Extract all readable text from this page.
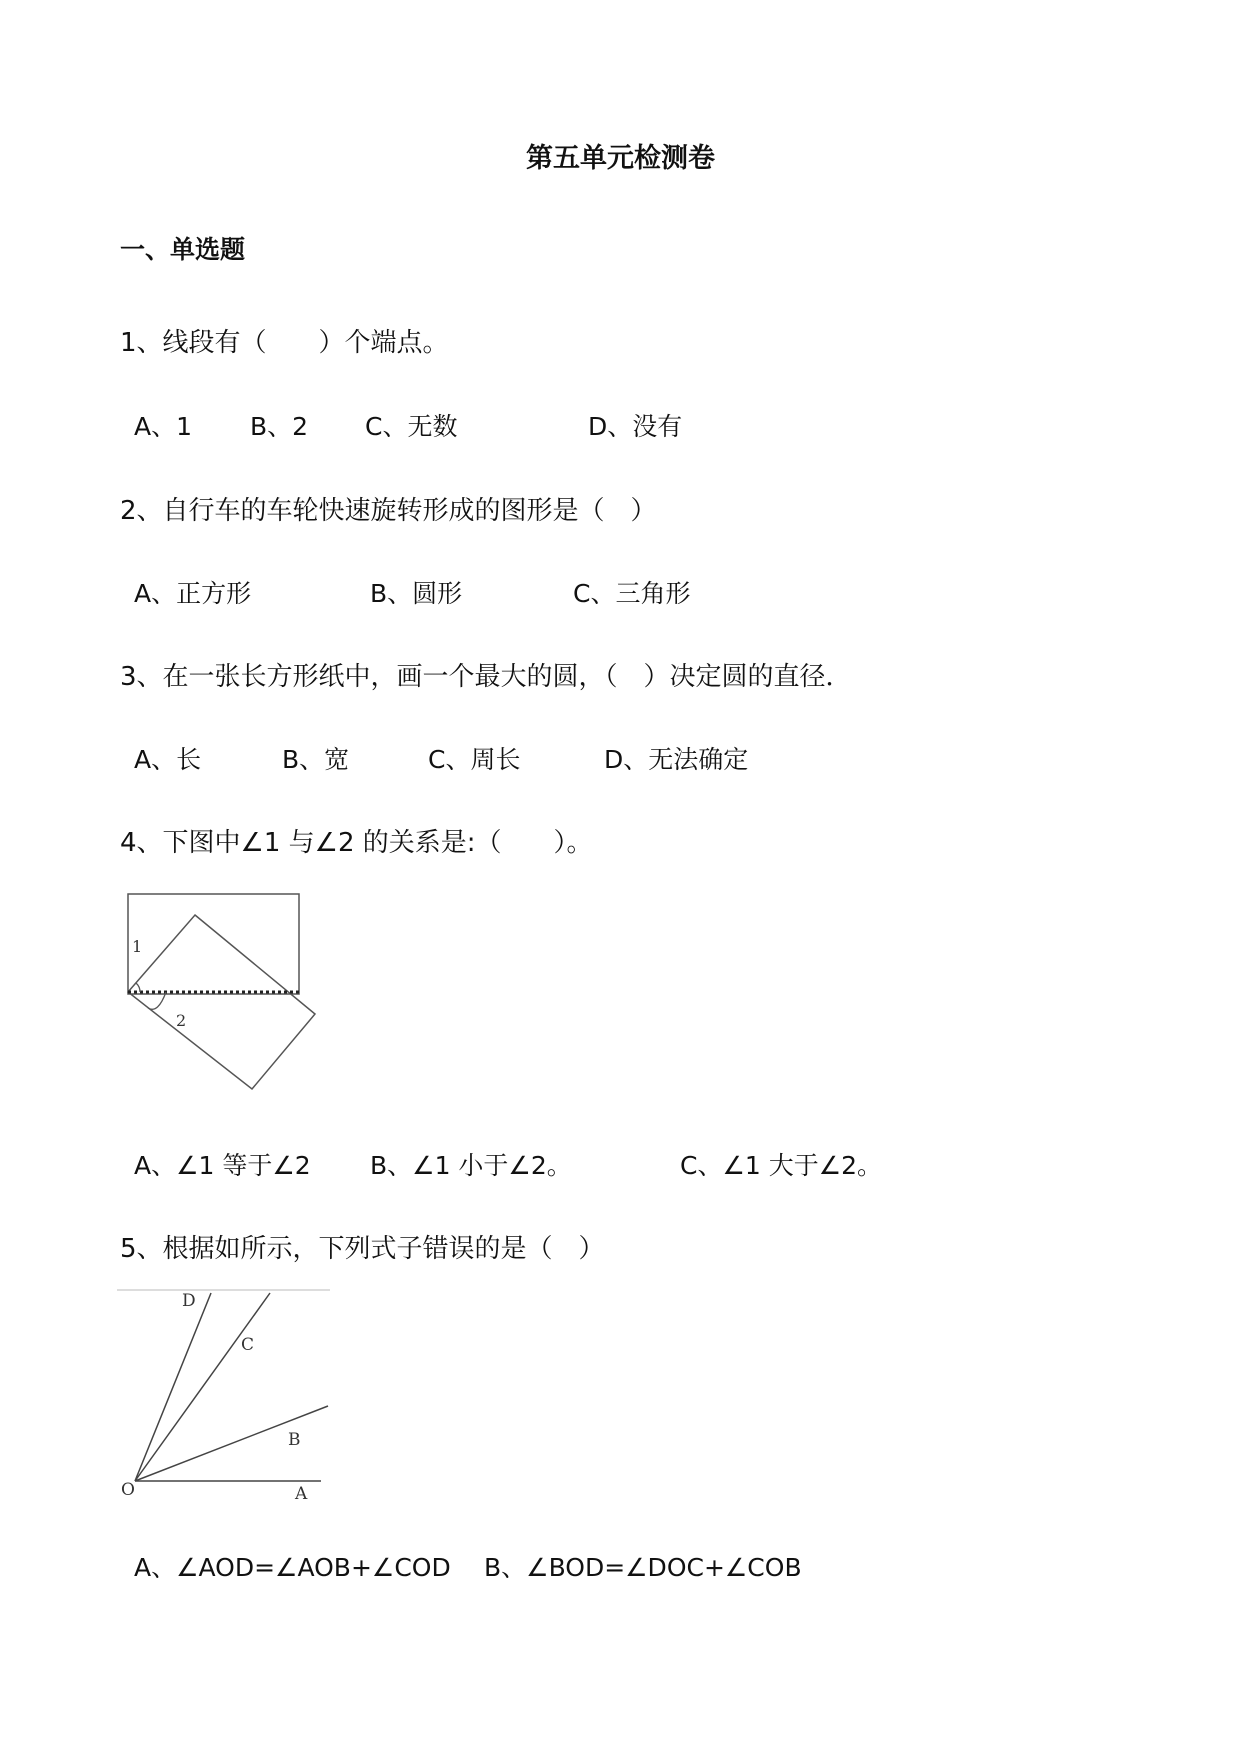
第五单元检测卷
一、单选题
1、线段有（　　）个端点。
A、1 B、2 C、无数	D、没有
2、自行车的车轮快速旋转形成的图形是（　）
A、正方形	B、圆形	C、三角形
3、在一张长方形纸中，画一个最大的圆，（　）决定圆的直径．
A、长	B、宽	C、周长	D、无法确定
4、下图中∠1 与∠2 的关系是:（　　）。
1
2
A、∠1 等于∠2 B、∠1 小于∠2。	C、∠1 大于∠2。
5、根据如所示，下列式子错误的是（　）
D
C
B
O	A
A、∠AOD=∠AOB+∠COD B、∠BOD=∠DOC+∠COB
